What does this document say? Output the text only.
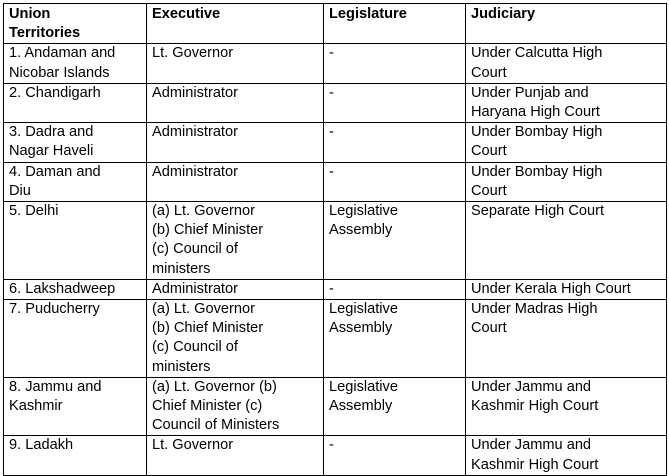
Union
Territories	Executive	Legislature	Judiciary

1. Andaman and
Nicobar Islands	Lt. Governor	-	Under Calcutta High
Court

2. Chandigarh	Administrator	-	Under Punjab and
Haryana High Court

3. Dadra and
Nagar Haveli	Administrator	-	Under Bombay High
Court

4. Daman and
Diu	Administrator	-	Under Bombay High
Court

5. Delhi	(a) Lt. Governor
(b) Chief Minister
(c) Council of
ministers	Legislative
Assembly	Separate High Court

6. Lakshadweep	Administrator	-	Under Kerala High Court

7. Puducherry	(a) Lt. Governor
(b) Chief Minister
(c) Council of
ministers	Legislative
Assembly	Under Madras High
Court

8. Jammu and
Kashmir	(a) Lt. Governor (b)
Chief Minister (c)
Council of Ministers	Legislative
Assembly	Under Jammu and
Kashmir High Court

9. Ladakh	Lt. Governor	-	Under Jammu and
Kashmir High Court
